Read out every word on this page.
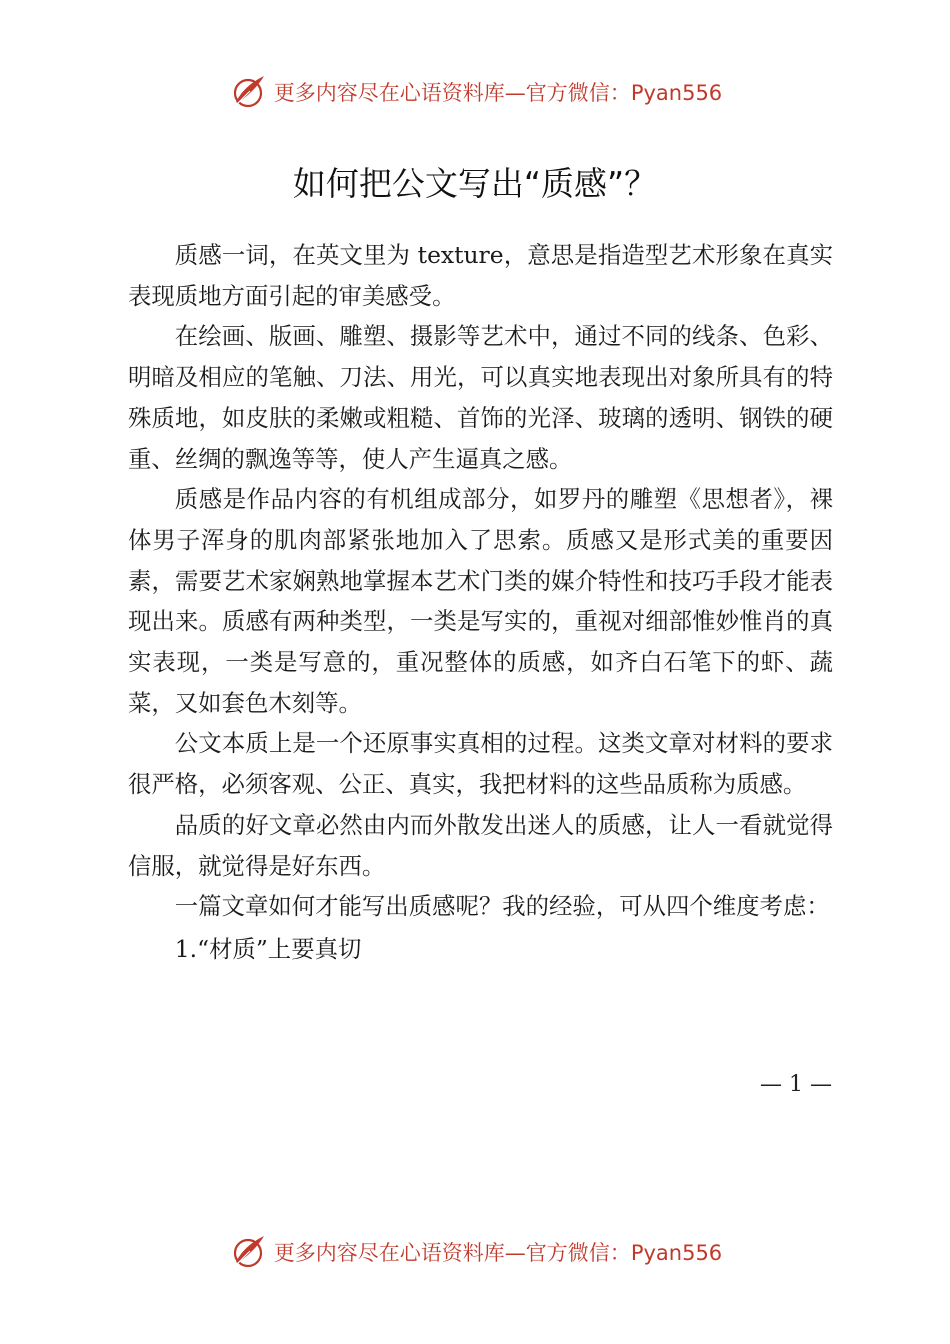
更多内容尽在心语资料库—官方微信：Pyan556
如何把公文写出“质感”？

质感一词，在英文里为 texture，意思是指造型艺术形象在真实表现质地方面引起的审美感受。

在绘画、版画、雕塑、摄影等艺术中，通过不同的线条、色彩、明暗及相应的笔触、刀法、用光，可以真实地表现出对象所具有的特殊质地，如皮肤的柔嫩或粗糙、首饰的光泽、玻璃的透明、钢铁的硬重、丝绸的飘逸等等，使人产生逼真之感。

质感是作品内容的有机组成部分，如罗丹的雕塑《思想者》，裸体男子浑身的肌肉部紧张地加入了思索。质感又是形式美的重要因素，需要艺术家娴熟地掌握本艺术门类的媒介特性和技巧手段才能表现出来。质感有两种类型，一类是写实的，重视对细部惟妙惟肖的真实表现，一类是写意的，重况整体的质感，如齐白石笔下的虾、蔬菜，又如套色木刻等。

公文本质上是一个还原事实真相的过程。这类文章对材料的要求很严格，必须客观、公正、真实，我把材料的这些品质称为质感。

品质的好文章必然由内而外散发出迷人的质感，让人一看就觉得信服，就觉得是好东西。

一篇文章如何才能写出质感呢？我的经验，可从四个维度考虑：

1.“材质”上要真切

— 1 —
更多内容尽在心语资料库—官方微信：Pyan556
